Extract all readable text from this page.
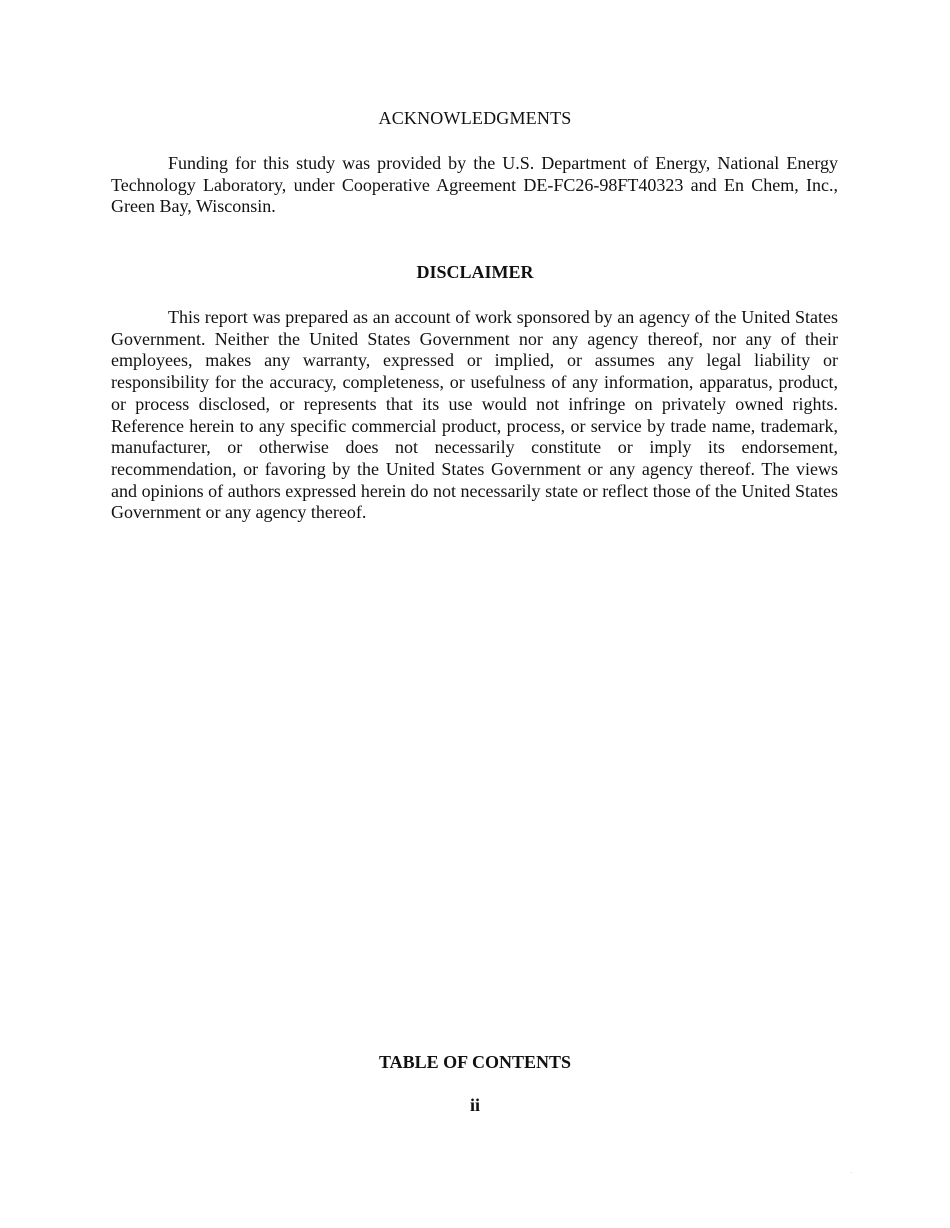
ACKNOWLEDGMENTS

Funding for this study was provided by the U.S. Department of Energy, National Energy Technology Laboratory, under Cooperative Agreement DE-FC26-98FT40323 and En Chem, Inc., Green Bay, Wisconsin.

DISCLAIMER

This report was prepared as an account of work sponsored by an agency of the United States Government. Neither the United States Government nor any agency thereof, nor any of their employees, makes any warranty, expressed or implied, or assumes any legal liability or responsibility for the accuracy, completeness, or usefulness of any information, apparatus, product, or process disclosed, or represents that its use would not infringe on privately owned rights. Reference herein to any specific commercial product, process, or service by trade name, trademark, manufacturer, or otherwise does not necessarily constitute or imply its endorsement, recommendation, or favoring by the United States Government or any agency thereof. The views and opinions of authors expressed herein do not necessarily state or reflect those of the United States Government or any agency thereof.

TABLE OF CONTENTS
ii
